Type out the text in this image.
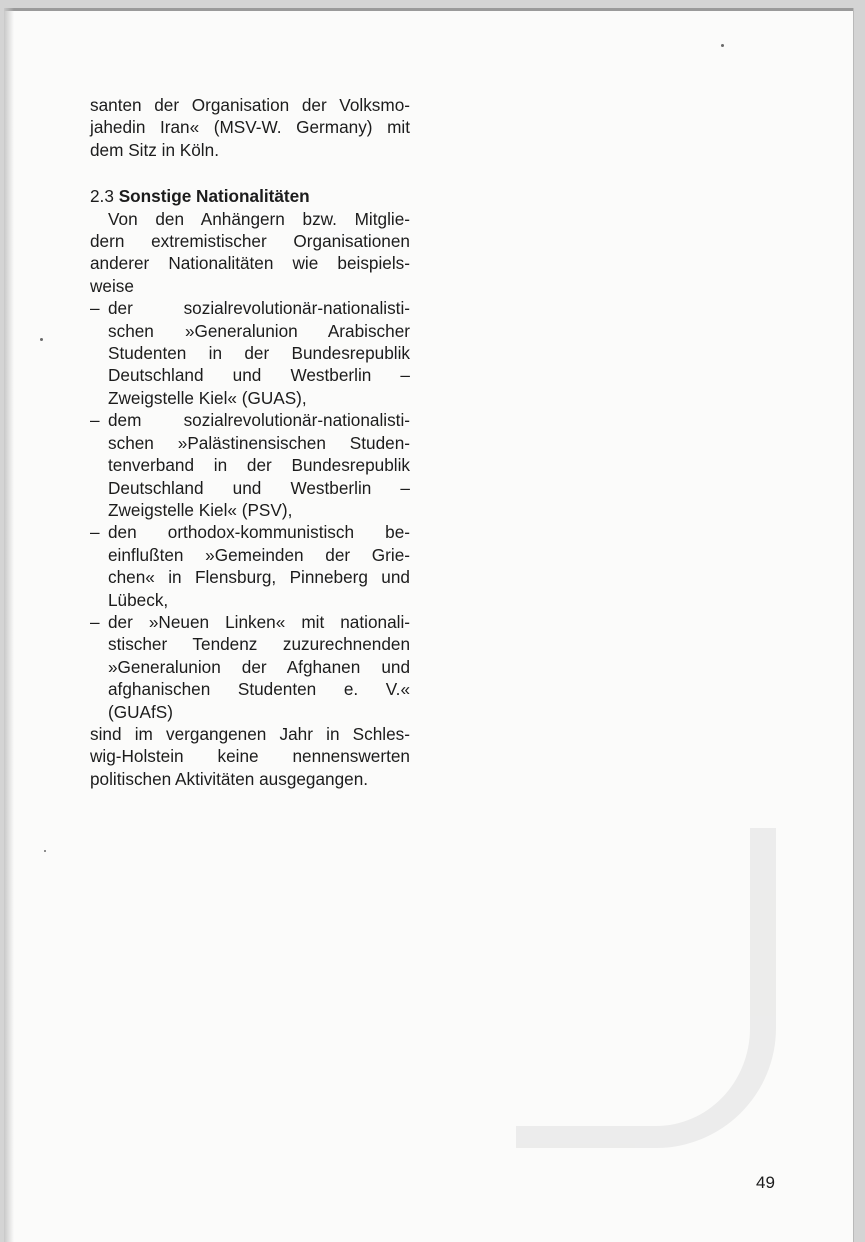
santen der Organisation der Volksmo-
jahedin Iran« (MSV-W. Germany) mit
dem Sitz in Köln.
2.3 Sonstige Nationalitäten
Von den Anhängern bzw. Mitglie-
dern extremistischer Organisationen
anderer Nationalitäten wie beispiels-
weise
– der sozialrevolutionär-nationalisti-
schen »Generalunion Arabischer
Studenten in der Bundesrepublik
Deutschland und Westberlin –
Zweigstelle Kiel« (GUAS),
– dem sozialrevolutionär-nationalisti-
schen »Palästinensischen Studen-
tenverband in der Bundesrepublik
Deutschland und Westberlin –
Zweigstelle Kiel« (PSV),
– den orthodox-kommunistisch be-
einflußten »Gemeinden der Grie-
chen« in Flensburg, Pinneberg und
Lübeck,
– der »Neuen Linken« mit nationali-
stischer Tendenz zuzurechnenden
»Generalunion der Afghanen und
afghanischen Studenten e. V.«
(GUAfS)
sind im vergangenen Jahr in Schles-
wig-Holstein keine nennenswerten
politischen Aktivitäten ausgegangen.
49
